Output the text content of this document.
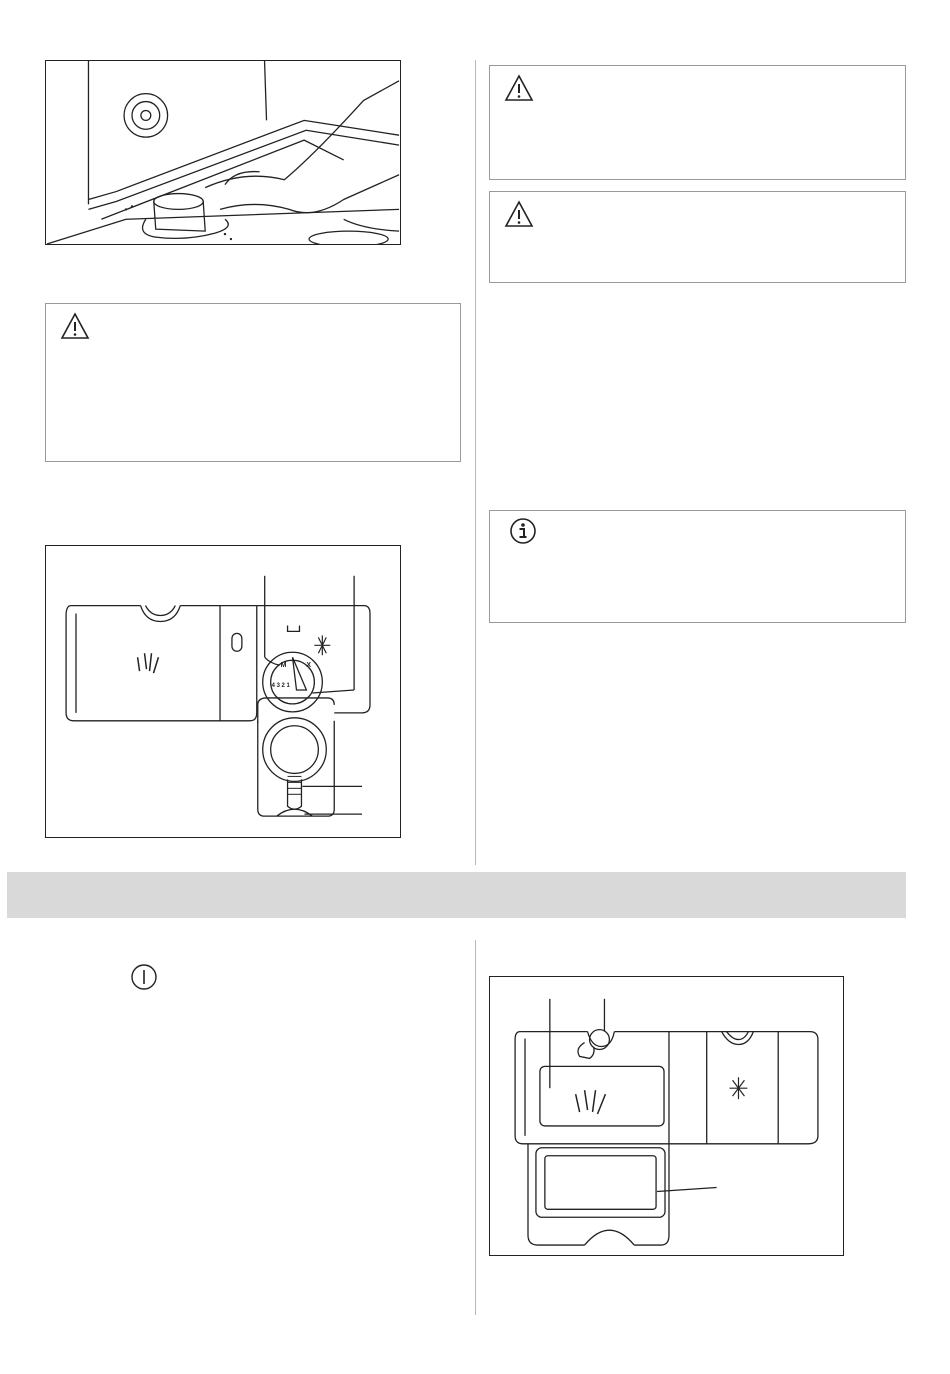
M	X
4 3 2 1
